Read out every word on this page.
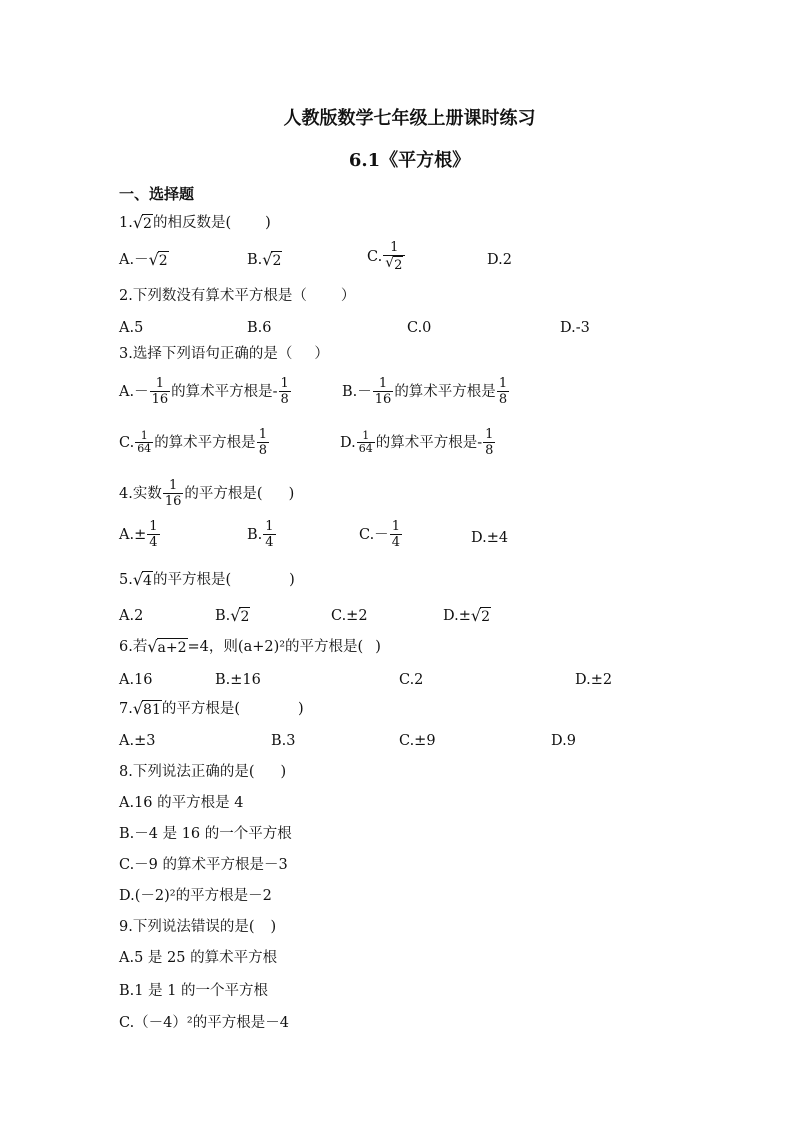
人教版数学七年级上册课时练习
6.1《平方根》
一、选择题
1. √ 2 的相反数是( )
A. － √ 2	B. √ 2	C. $\frac{1}{√ 2}$	D.2
2.下列数没有算术平方根是（ ）
A.5	B.6	C.0	D.-3
3.选择下列语句正确的是（ ）
$A.- \frac{1}{16}$ 的算术平方根是- $\frac{1}{8}$	$B.- \frac{1}{16}$ 的算术平方根是 $\frac{1}{8}$
C. $\frac{1}{64}$ 的算术平方根是 $\frac{1}{8}$	D. $\frac{1}{64}$ 的算术平方根是- $\frac{1}{8}$
4.实数 $\frac{1}{16}$ 的平方根是( )
$A.\pm \frac{1}{4}$	B. $\frac{1}{4}$	$C.- \frac{1}{4}$	D.±4
5. √ 4 的平方根是(	)
A.2	B. √ 2	C.±2	D.± √ 2
6.若 √ a+2 =4，则(a+2)²的平方根是( )
A.16	B.±16	C.2	D.±2
7. √ 81 的平方根是(	)
A.±3	B.3	C.±9	D.9
8.下列说法正确的是( )
A.16 的平方根是 4
B.－4 是 16 的一个平方根
C.－9 的算术平方根是－3
D.(－2)²的平方根是－2
9.下列说法错误的是( )
A.5 是 25 的算术平方根
B.1 是 1 的一个平方根
C.（－4）²的平方根是－4
